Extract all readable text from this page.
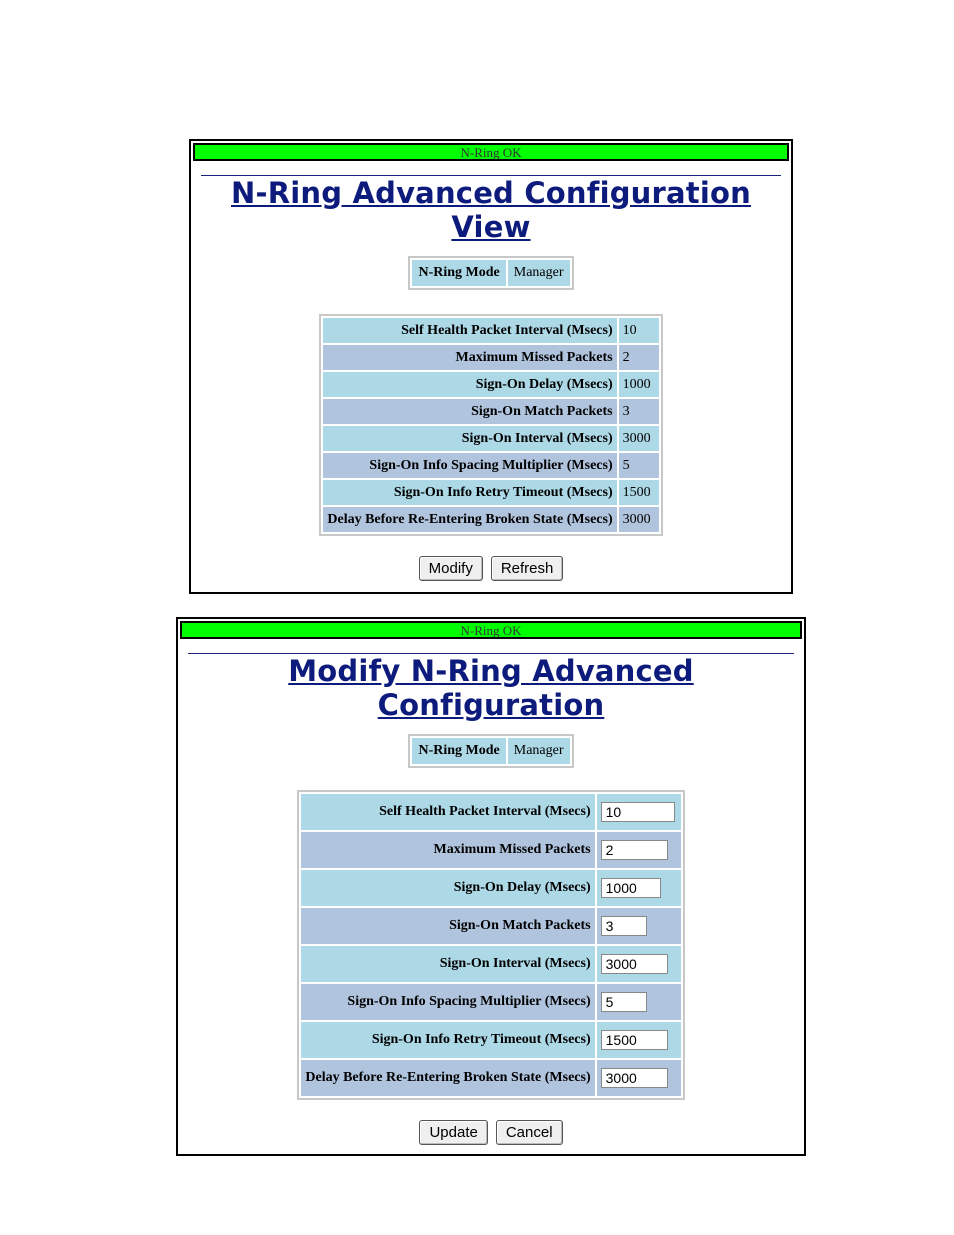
N-Ring OK
N-Ring Advanced Configuration View
N-Ring Mode	Manager
Self Health Packet Interval (Msecs)	10
Maximum Missed Packets	2
Sign-On Delay (Msecs)	1000
Sign-On Match Packets	3
Sign-On Interval (Msecs)	3000
Sign-On Info Spacing Multiplier (Msecs)	5
Sign-On Info Retry Timeout (Msecs)	1500
Delay Before Re-Entering Broken State (Msecs)	3000
Modify Refresh
N-Ring OK
Modify N-Ring Advanced Configuration
N-Ring Mode	Manager
Self Health Packet Interval (Msecs)	10
Maximum Missed Packets	2
Sign-On Delay (Msecs)	1000
Sign-On Match Packets	3
Sign-On Interval (Msecs)	3000
Sign-On Info Spacing Multiplier (Msecs)	5
Sign-On Info Retry Timeout (Msecs)	1500
Delay Before Re-Entering Broken State (Msecs)	3000
Update Cancel
